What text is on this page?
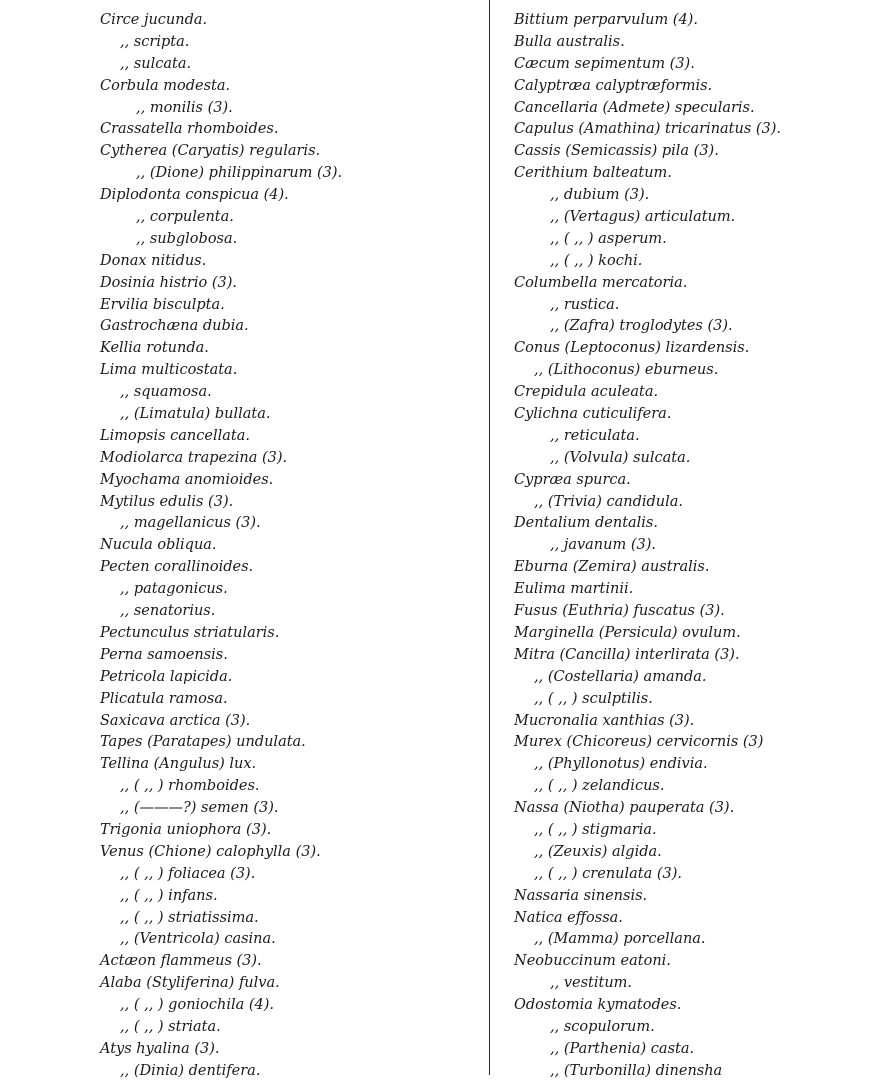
Circe jucunda.
,, scripta.
,, sulcata.
Corbula modesta.
,, monilis (3).
Crassatella rhomboides.
Cytherea (Caryatis) regularis.
,, (Dione) philippinarum (3).
Diplodonta conspicua (4).
,, corpulenta.
,, subglobosa.
Donax nitidus.
Dosinia histrio (3).
Ervilia bisculpta.
Gastrochæna dubia.
Kellia rotunda.
Lima multicostata.
,, squamosa.
,, (Limatula) bullata.
Limopsis cancellata.
Modiolarca trapezina (3).
Myochama anomioides.
Mytilus edulis (3).
,, magellanicus (3).
Nucula obliqua.
Pecten corallinoides.
,, patagonicus.
,, senatorius.
Pectunculus striatularis.
Perna samoensis.
Petricola lapicida.
Plicatula ramosa.
Saxicava arctica (3).
Tapes (Paratapes) undulata.
Tellina (Angulus) lux.
,, ( ,, ) rhomboides.
,, (———?) semen (3).
Trigonia uniophora (3).
Venus (Chione) calophylla (3).
,, ( ,, ) foliacea (3).
,, ( ,, ) infans.
,, ( ,, ) striatissima.
,, (Ventricola) casina.
Actæon flammeus (3).
Alaba (Styliferina) fulva.
,, ( ,, ) goniochila (4).
,, ( ,, ) striata.
Atys hyalina (3).
,, (Dinia) dentifera.
Bittium perparvulum (4).
Bulla australis.
Cæcum sepimentum (3).
Calyptræa calyptræformis.
Cancellaria (Admete) specularis.
Capulus (Amathina) tricarinatus (3).
Cassis (Semicassis) pila (3).
Cerithium balteatum.
,, dubium (3).
,, (Vertagus) articulatum.
,, ( ,, ) asperum.
,, ( ,, ) kochi.
Columbella mercatoria.
,, rustica.
,, (Zafra) troglodytes (3).
Conus (Leptoconus) lizardensis.
,, (Lithoconus) eburneus.
Crepidula aculeata.
Cylichna cuticulifera.
,, reticulata.
,, (Volvula) sulcata.
Cypræa spurca.
,, (Trivia) candidula.
Dentalium dentalis.
,, javanum (3).
Eburna (Zemira) australis.
Eulima martinii.
Fusus (Euthria) fuscatus (3).
Marginella (Persicula) ovulum.
Mitra (Cancilla) interlirata (3).
,, (Costellaria) amanda.
,, ( ,, ) sculptilis.
Mucronalia xanthias (3).
Murex (Chicoreus) cervicornis (3)
,, (Phyllonotus) endivia.
,, ( ,, ) zelandicus.
Nassa (Niotha) pauperata (3).
,, ( ,, ) stigmaria.
,, (Zeuxis) algida.
,, ( ,, ) crenulata (3).
Nassaria sinensis.
Natica effossa.
,, (Mamma) porcellana.
Neobuccinum eatoni.
,, vestitum.
Odostomia kymatodes.
,, scopulorum.
,, (Parthenia) casta.
,, (Turbonilla) dinensha
